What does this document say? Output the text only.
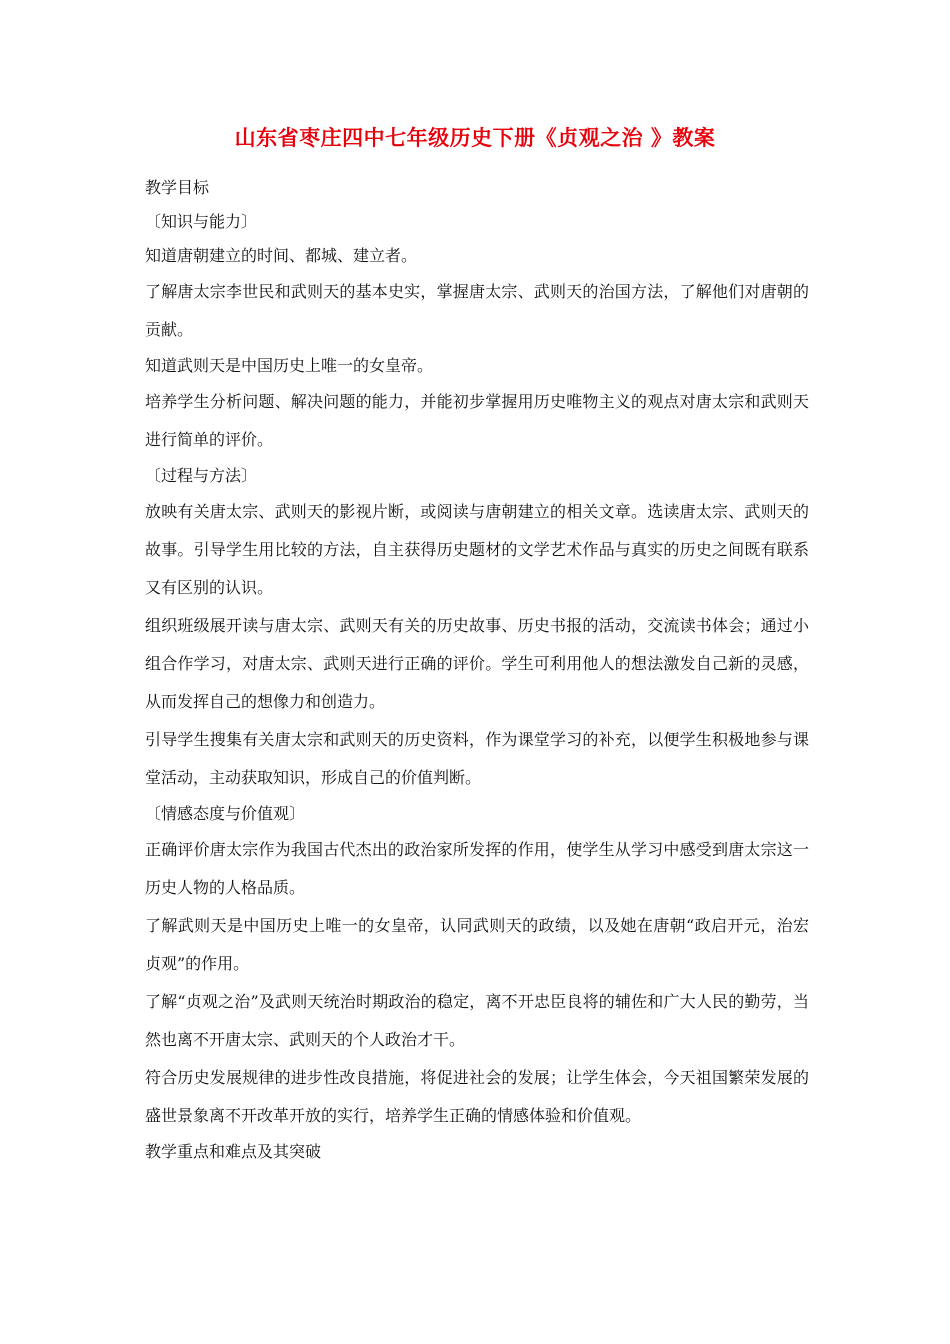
山东省枣庄四中七年级历史下册《贞观之治 》教案

教学目标

〔知识与能力〕

知道唐朝建立的时间、都城、建立者。

了解唐太宗李世民和武则天的基本史实，掌握唐太宗、武则天的治国方法，了解他们对唐朝的贡献。

知道武则天是中国历史上唯一的女皇帝。

培养学生分析问题、解决问题的能力，并能初步掌握用历史唯物主义的观点对唐太宗和武则天进行简单的评价。

〔过程与方法〕

放映有关唐太宗、武则天的影视片断，或阅读与唐朝建立的相关文章。选读唐太宗、武则天的故事。引导学生用比较的方法，自主获得历史题材的文学艺术作品与真实的历史之间既有联系又有区别的认识。

组织班级展开读与唐太宗、武则天有关的历史故事、历史书报的活动，交流读书体会；通过小组合作学习，对唐太宗、武则天进行正确的评价。学生可利用他人的想法激发自己新的灵感，从而发挥自己的想像力和创造力。

引导学生搜集有关唐太宗和武则天的历史资料，作为课堂学习的补充，以便学生积极地参与课堂活动，主动获取知识，形成自己的价值判断。

〔情感态度与价值观〕

正确评价唐太宗作为我国古代杰出的政治家所发挥的作用，使学生从学习中感受到唐太宗这一历史人物的人格品质。

了解武则天是中国历史上唯一的女皇帝，认同武则天的政绩，以及她在唐朝“政启开元，治宏贞观”的作用。

了解“贞观之治”及武则天统治时期政治的稳定，离不开忠臣良将的辅佐和广大人民的勤劳，当然也离不开唐太宗、武则天的个人政治才干。

符合历史发展规律的进步性改良措施，将促进社会的发展；让学生体会，今天祖国繁荣发展的盛世景象离不开改革开放的实行，培养学生正确的情感体验和价值观。

教学重点和难点及其突破
